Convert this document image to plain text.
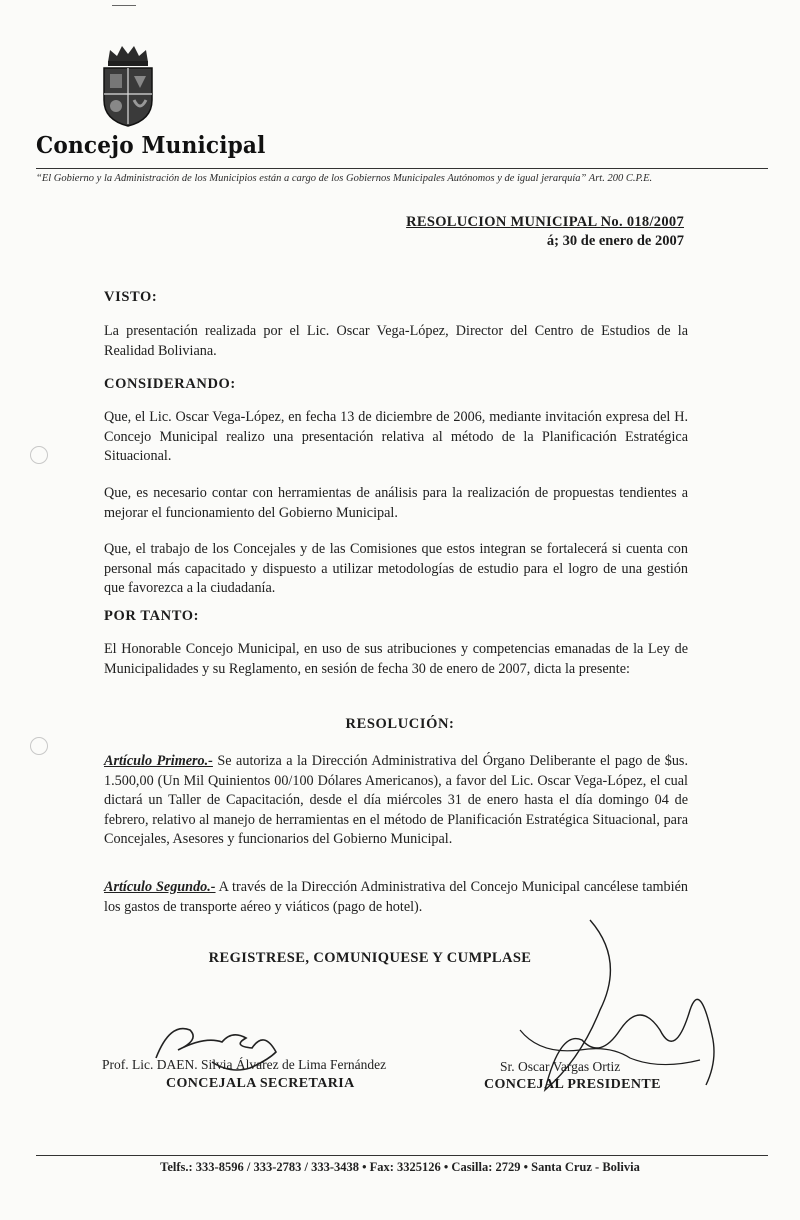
Concejo Municipal
“El Gobierno y la Administración de los Municipios están a cargo de los Gobiernos Municipales Autónomos y de igual jerarquía” Art. 200 C.P.E.
RESOLUCION MUNICIPAL No. 018/2007
á; 30 de enero de 2007
VISTO:
La presentación realizada por el Lic. Oscar Vega-López, Director del Centro de Estudios de la Realidad Boliviana.
CONSIDERANDO:
Que, el Lic. Oscar Vega-López, en fecha 13 de diciembre de 2006, mediante invitación expresa del H. Concejo Municipal realizo una presentación relativa al método de la Planificación Estratégica Situacional.
Que, es necesario contar con herramientas de análisis para la realización de propuestas tendientes a mejorar el funcionamiento del Gobierno Municipal.
Que, el trabajo de los Concejales y de las Comisiones que estos integran se fortalecerá si cuenta con personal más capacitado y dispuesto a utilizar metodologías de estudio para el logro de una gestión que favorezca a la ciudadanía.
POR TANTO:
El Honorable Concejo Municipal, en uso de sus atribuciones y competencias emanadas de la Ley de Municipalidades y su Reglamento, en sesión de fecha 30 de enero de 2007, dicta la presente:
RESOLUCIÓN:
Artículo Primero.- Se autoriza a la Dirección Administrativa del Órgano Deliberante el pago de $us. 1.500,00 (Un Mil Quinientos 00/100 Dólares Americanos), a favor del Lic. Oscar Vega-López, el cual dictará un Taller de Capacitación, desde el día miércoles 31 de enero hasta el día domingo 04 de febrero, relativo al manejo de herramientas en el método de Planificación Estratégica Situacional, para Concejales, Asesores y funcionarios del Gobierno Municipal.
Artículo Segundo.- A través de la Dirección Administrativa del Concejo Municipal cancélese también los gastos de transporte aéreo y viáticos (pago de hotel).
REGISTRESE, COMUNIQUESE Y CUMPLASE
Prof. Lic. DAEN. Silvia Álvarez de Lima Fernández
CONCEJALA SECRETARIA
Sr. Oscar Vargas Ortiz
CONCEJAL PRESIDENTE
Telfs.: 333-8596 / 333-2783 / 333-3438 • Fax: 3325126 • Casilla: 2729 • Santa Cruz - Bolivia
